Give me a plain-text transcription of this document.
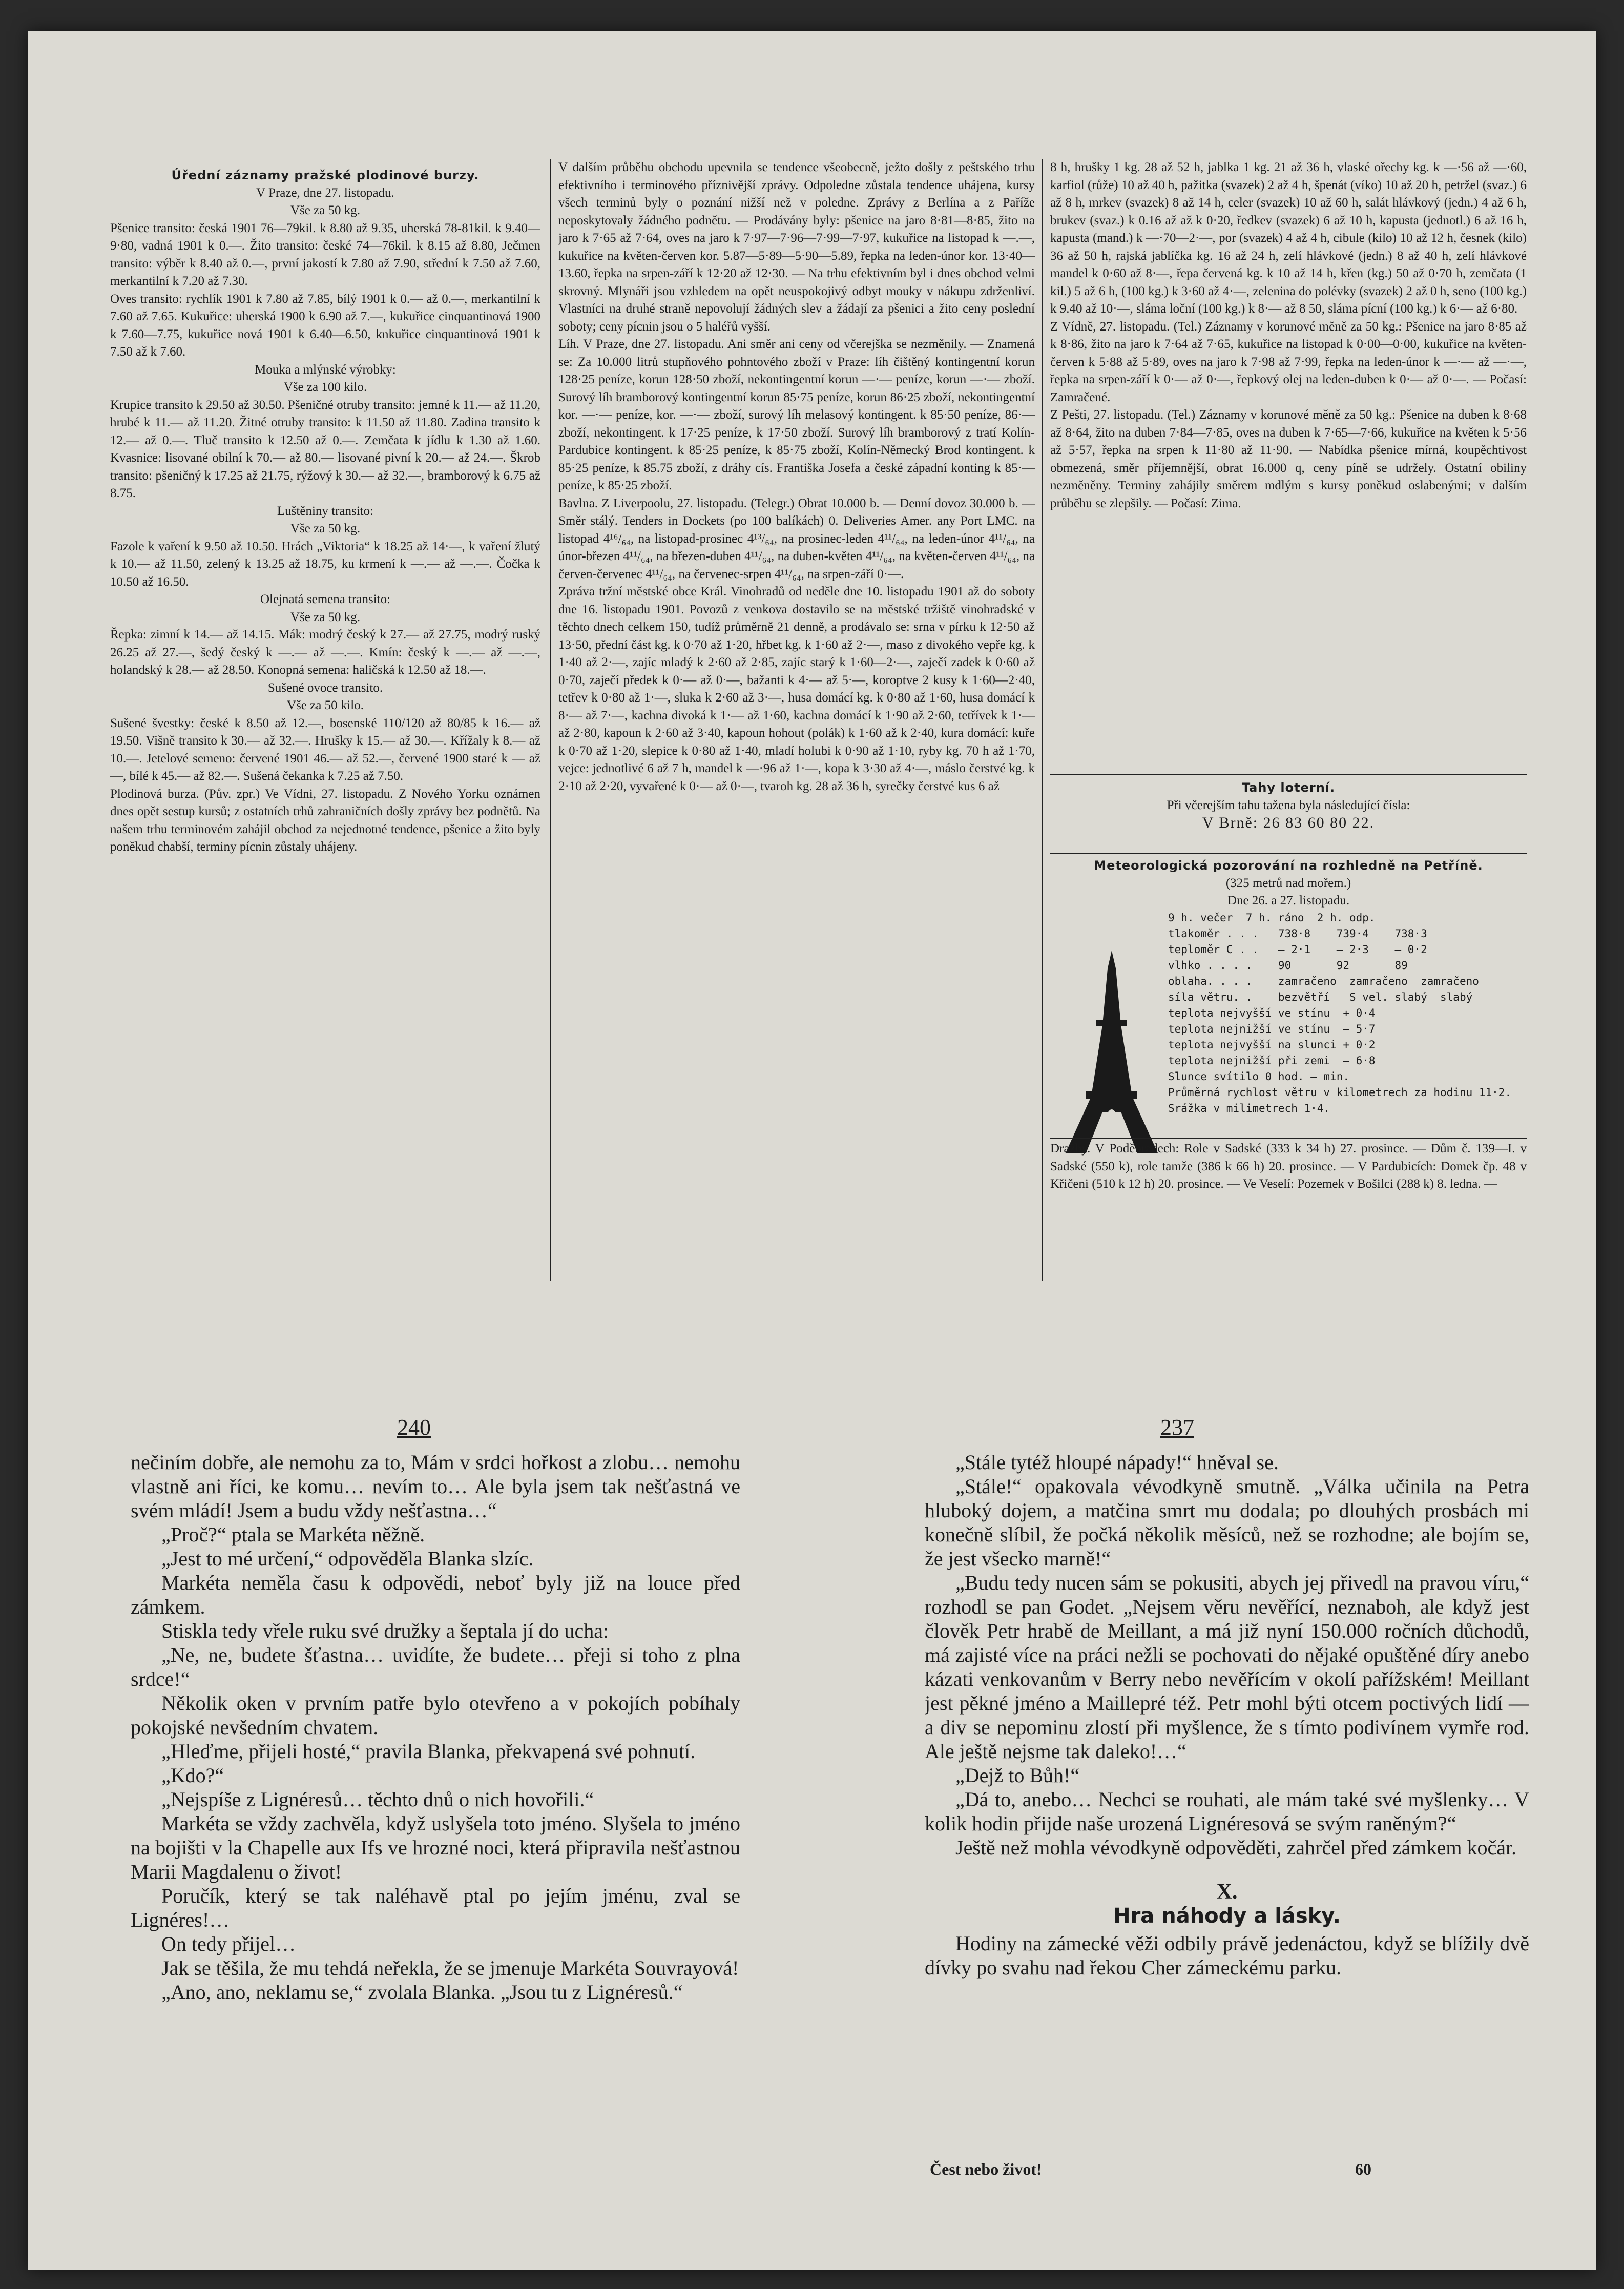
Úřední záznamy pražské plodinové burzy.

V Praze, dne 27. listopadu.

Vše za 50 kg.

Pšenice transito: česká 1901 76—79kil. k 8.80 až 9.35, uherská 78-81kil. k 9.40—9·80, vadná 1901 k 0.—. Žito transito: české 74—76kil. k 8.15 až 8.80, Ječmen transito: výběr k 8.40 až 0.—, první jakostí k 7.80 až 7.90, střední k 7.50 až 7.60, merkantilní k 7.20 až 7.30.

Oves transito: rychlík 1901 k 7.80 až 7.85, bílý 1901 k 0.— až 0.—, merkantilní k 7.60 až 7.65. Kukuřice: uherská 1900 k 6.90 až 7.—, kukuřice cinquantinová 1900 k 7.60—7.75, kukuřice nová 1901 k 6.40—6.50, knkuřice cinquantinová 1901 k 7.50 až k 7.60.

Mouka a mlýnské výrobky:

Vše za 100 kilo.

Krupice transito k 29.50 až 30.50. Pšeničné otruby transito: jemné k 11.— až 11.20, hrubé k 11.— až 11.20. Žitné otruby transito: k 11.50 až 11.80. Zadina transito k 12.— až 0.—. Tluč transito k 12.50 až 0.—. Zemčata k jídlu k 1.30 až 1.60. Kvasnice: lisované obilní k 70.— až 80.— lisované pivní k 20.— až 24.—. Škrob transito: pšeničný k 17.25 až 21.75, rýžový k 30.— až 32.—, bramborový k 6.75 až 8.75.

Luštěniny transito:

Vše za 50 kg.

Fazole k vaření k 9.50 až 10.50. Hrách „Viktoria“ k 18.25 až 14·—, k vaření žlutý k 10.— až 11.50, zelený k 13.25 až 18.75, ku krmení k —.— až —.—. Čočka k 10.50 až 16.50.

Olejnatá semena transito:

Vše za 50 kg.

Řepka: zimní k 14.— až 14.15. Mák: modrý český k 27.— až 27.75, modrý ruský 26.25 až 27.—, šedý český k —.— až —.—. Kmín: český k —.— až —.—, holandský k 28.— až 28.50. Konopná semena: haličská k 12.50 až 18.—.

Sušené ovoce transito.

Vše za 50 kilo.

Sušené švestky: české k 8.50 až 12.—, bosenské 110/120 až 80/85 k 16.— až 19.50. Višně transito k 30.— až 32.—. Hrušky k 15.— až 30.—. Křížaly k 8.— až 10.—. Jetelové semeno: červené 1901 46.— až 52.—, červené 1900 staré k — až —, bílé k 45.— až 82.—. Sušená čekanka k 7.25 až 7.50.

Plodinová burza. (Pův. zpr.) Ve Vídni, 27. listopadu. Z Nového Yorku oznámen dnes opět sestup kursů; z ostatních trhů zahraničních došly zprávy bez podnětů. Na našem trhu terminovém zahájil obchod za nejednotné tendence, pšenice a žito byly poněkud chabší, terminy pícnin zůstaly uhájeny.

V dalším průběhu obchodu upevnila se tendence všeobecně, ježto došly z peštského trhu efektivního i terminového příznivější zprávy. Odpoledne zůstala tendence uhájena, kursy všech terminů byly o poznání nižší než v poledne. Zprávy z Berlína a z Paříže neposkytovaly žádného podnětu. — Prodávány byly: pšenice na jaro 8·81—8·85, žito na jaro k 7·65 až 7·64, oves na jaro k 7·97—7·96—7·99—7·97, kukuřice na listopad k —.—, kukuřice na květen-červen kor. 5.87—5·89—5·90—5.89, řepka na leden-únor kor. 13·40—13.60, řepka na srpen-září k 12·20 až 12·30. — Na trhu efektivním byl i dnes obchod velmi skrovný. Mlynáři jsou vzhledem na opět neuspokojivý odbyt mouky v nákupu zdrženliví. Vlastníci na druhé straně nepovolují žádných slev a žádají za pšenici a žito ceny poslední soboty; ceny pícnin jsou o 5 haléřů vyšší.

Líh. V Praze, dne 27. listopadu. Ani směr ani ceny od včerejška se nezměnily. — Znamená se: Za 10.000 litrů stupňového pohntového zboží v Praze: líh čištěný kontingentní korun 128·25 peníze, korun 128·50 zboží, nekontingentní korun —·— peníze, korun —·— zboží. Surový líh bramborový kontingentní korun 85·75 peníze, korun 86·25 zboží, nekontingentní kor. —·— peníze, kor. —·— zboží, surový líh melasový kontingent. k 85·50 peníze, 86·— zboží, nekontingent. k 17·25 peníze, k 17·50 zboží. Surový líh bramborový z tratí Kolín-Pardubice kontingent. k 85·25 peníze, k 85·75 zboží, Kolín-Německý Brod kontingent. k 85·25 peníze, k 85.75 zboží, z dráhy cís. Františka Josefa a české západní konting k 85·— peníze, k 85·25 zboží.

Bavlna. Z Liverpoolu, 27. listopadu. (Telegr.) Obrat 10.000 b. — Denní dovoz 30.000 b. — Směr stálý. Tenders in Dockets (po 100 balíkách) 0. Deliveries Amer. any Port LMC. na listopad 4¹⁶/₆₄, na listopad-prosinec 4¹³/₆₄, na prosinec-leden 4¹¹/₆₄, na leden-únor 4¹¹/₆₄, na únor-březen 4¹¹/₆₄, na březen-duben 4¹¹/₆₄, na duben-květen 4¹¹/₆₄, na květen-červen 4¹¹/₆₄, na červen-červenec 4¹¹/₆₄, na červenec-srpen 4¹¹/₆₄, na srpen-září 0·—.

Zpráva tržní městské obce Král. Vinohradů od neděle dne 10. listopadu 1901 až do soboty dne 16. listopadu 1901. Povozů z venkova dostavilo se na městské tržiště vinohradské v těchto dnech celkem 150, tudíž průměrně 21 denně, a prodávalo se: srna v pírku k 12·50 až 13·50, přední část kg. k 0·70 až 1·20, hřbet kg. k 1·60 až 2·—, maso z divokého vepře kg. k 1·40 až 2·—, zajíc mladý k 2·60 až 2·85, zajíc starý k 1·60—2·—, zaječí zadek k 0·60 až 0·70, zaječí předek k 0·— až 0·—, bažanti k 4·— až 5·—, koroptve 2 kusy k 1·60—2·40, tetřev k 0·80 až 1·—, sluka k 2·60 až 3·—, husa domácí kg. k 0·80 až 1·60, husa domácí k 8·— až 7·—, kachna divoká k 1·— až 1·60, kachna domácí k 1·90 až 2·60, tetřívek k 1·— až 2·80, kapoun k 2·60 až 3·40, kapoun hohout (polák) k 1·60 až k 2·40, kura domácí: kuře k 0·70 až 1·20, slepice k 0·80 až 1·40, mladí holubi k 0·90 až 1·10, ryby kg. 70 h až 1·70, vejce: jednotlivé 6 až 7 h, mandel k —·96 až 1·—, kopa k 3·30 až 4·—, máslo čerstvé kg. k 2·10 až 2·20, vyvařené k 0·— až 0·—, tvaroh kg. 28 až 36 h, syrečky čerstvé kus 6 až

8 h, hrušky 1 kg. 28 až 52 h, jablka 1 kg. 21 až 36 h, vlaské ořechy kg. k —·56 až —·60, karfiol (růže) 10 až 40 h, pažitka (svazek) 2 až 4 h, špenát (víko) 10 až 20 h, petržel (svaz.) 6 až 8 h, mrkev (svazek) 8 až 14 h, celer (svazek) 10 až 60 h, salát hlávkový (jedn.) 4 až 6 h, brukev (svaz.) k 0.16 až až k 0·20, ředkev (svazek) 6 až 10 h, kapusta (jednotl.) 6 až 16 h, kapusta (mand.) k —·70—2·—, por (svazek) 4 až 4 h, cibule (kilo) 10 až 12 h, česnek (kilo) 36 až 50 h, rajská jablíčka kg. 16 až 24 h, zelí hlávkové (jedn.) 8 až 40 h, zelí hlávkové mandel k 0·60 až 8·—, řepa červená kg. k 10 až 14 h, křen (kg.) 50 až 0·70 h, zemčata (1 kil.) 5 až 6 h, (100 kg.) k 3·60 až 4·—, zelenina do polévky (svazek) 2 až 0 h, seno (100 kg.) k 9.40 až 10·—, sláma loční (100 kg.) k 8·— až 8 50, sláma pícní (100 kg.) k 6·— až 6·80.

Z Vídně, 27. listopadu. (Tel.) Záznamy v korunové měně za 50 kg.: Pšenice na jaro 8·85 až k 8·86, žito na jaro k 7·64 až 7·65, kukuřice na listopad k 0·00—0·00, kukuřice na květen-červen k 5·88 až 5·89, oves na jaro k 7·98 až 7·99, řepka na leden-únor k —·— až —·—, řepka na srpen-září k 0·— až 0·—, řepkový olej na leden-duben k 0·— až 0·—. — Počasí: Zamračené.

Z Pešti, 27. listopadu. (Tel.) Záznamy v korunové měně za 50 kg.: Pšenice na duben k 8·68 až 8·64, žito na duben 7·84—7·85, oves na duben k 7·65—7·66, kukuřice na květen k 5·56 až 5·57, řepka na srpen k 11·80 až 11·90. — Nabídka pšenice mírná, koupěchtivost obmezená, směr příjemnější, obrat 16.000 q, ceny píně se udržely. Ostatní obiliny nezměněny. Terminy zahájily směrem mdlým s kursy poněkud oslabenými; v dalším průběhu se zlepšily. — Počasí: Zima.

Tahy loterní.

Při včerejším tahu tažena byla následující čísla:

V Brně: 26 83 60 80 22.

Meteorologická pozorování na rozhledně na Petříně.

(325 metrů nad mořem.)

Dne 26. a 27. listopadu.

9 h. večer  7 h. ráno  2 h. odp.
tlakoměr . . .   738·8    739·4    738·3
teploměr C . .   — 2·1    — 2·3    — 0·2
vlhko . . . .    90       92       89
oblaha. . . .    zamračeno  zamračeno  zamračeno
síla větru. .    bezvětří   S vel. slabý  slabý
teplota nejvyšší ve stínu  + 0·4
teplota nejnižší ve stínu  — 5·7
teplota nejvyšší na slunci + 0·2
teplota nejnižší při zemi  — 6·8
Slunce svítilo 0 hod. — min.
Průměrná rychlost větru v kilometrech za hodinu 11·2.
Srážka v milimetrech 1·4.

Dražby. V Poděbradech: Role v Sadské (333 k 34 h) 27. prosince. — Dům č. 139—I. v Sadské (550 k), role tamže (386 k 66 h) 20. prosince. — V Pardubicích: Domek čp. 48 v Křičeni (510 k 12 h) 20. prosince. — Ve Veselí: Pozemek v Bošilci (288 k) 8. ledna. —

240	237

nečiním dobře, ale nemohu za to, Mám v srdci hořkost a zlobu… nemohu vlastně ani říci, ke komu… nevím to… Ale byla jsem tak nešťastná ve svém mládí! Jsem a budu vždy nešťastna…“

„Proč?“ ptala se Markéta něžně.

„Jest to mé určení,“ odpověděla Blanka slzíc.

Markéta neměla času k odpovědi, neboť byly již na louce před zámkem.

Stiskla tedy vřele ruku své družky a šeptala jí do ucha:

„Ne, ne, budete šťastna… uvidíte, že budete… přeji si toho z plna srdce!“

Několik oken v prvním patře bylo otevřeno a v pokojích pobíhaly pokojské nevšedním chvatem.

„Hleďme, přijeli hosté,“ pravila Blanka, překvapená své pohnutí.

„Kdo?“

„Nejspíše z Lignéresů… těchto dnů o nich hovořili.“

Markéta se vždy zachvěla, když uslyšela toto jméno. Slyšela to jméno na bojišti v la Chapelle aux Ifs ve hrozné noci, která připravila nešťastnou Marii Magdalenu o život!

Poručík, který se tak naléhavě ptal po jejím jménu, zval se Lignéres!…

On tedy přijel…

Jak se těšila, že mu tehdá neřekla, že se jmenuje Markéta Souvrayová!

„Ano, ano, neklamu se,“ zvolala Blanka. „Jsou tu z Lignéresů.“

„Stále tytéž hloupé nápady!“ hněval se.

„Stále!“ opakovala vévodkyně smutně. „Válka učinila na Petra hluboký dojem, a matčina smrt mu dodala; po dlouhých prosbách mi konečně slíbil, že počká několik měsíců, než se rozhodne; ale bojím se, že jest všecko marně!“

„Budu tedy nucen sám se pokusiti, abych jej přivedl na pravou víru,“ rozhodl se pan Godet. „Nejsem věru nevěřící, neznaboh, ale když jest člověk Petr hrabě de Meillant, a má již nyní 150.000 ročních důchodů, má zajisté více na práci nežli se pochovati do nějaké opuštěné díry anebo kázati venkovanům v Berry nebo nevěřícím v okolí pařížském! Meillant jest pěkné jméno a Maillepré též. Petr mohl býti otcem poctivých lidí — a div se nepominu zlostí při myšlence, že s tímto podivínem vymře rod. Ale ještě nejsme tak daleko!…“

„Dejž to Bůh!“

„Dá to, anebo… Nechci se rouhati, ale mám také své myšlenky… V kolik hodin přijde naše urozená Lignéresová se svým raněným?“

Ještě než mohla vévodkyně odpověděti, zahrčel před zámkem kočár.

X.

Hra náhody a lásky.

Hodiny na zámecké věži odbily právě jedenáctou, když se blížily dvě dívky po svahu nad řekou Cher zámeckému parku.

Čest nebo život!	60
